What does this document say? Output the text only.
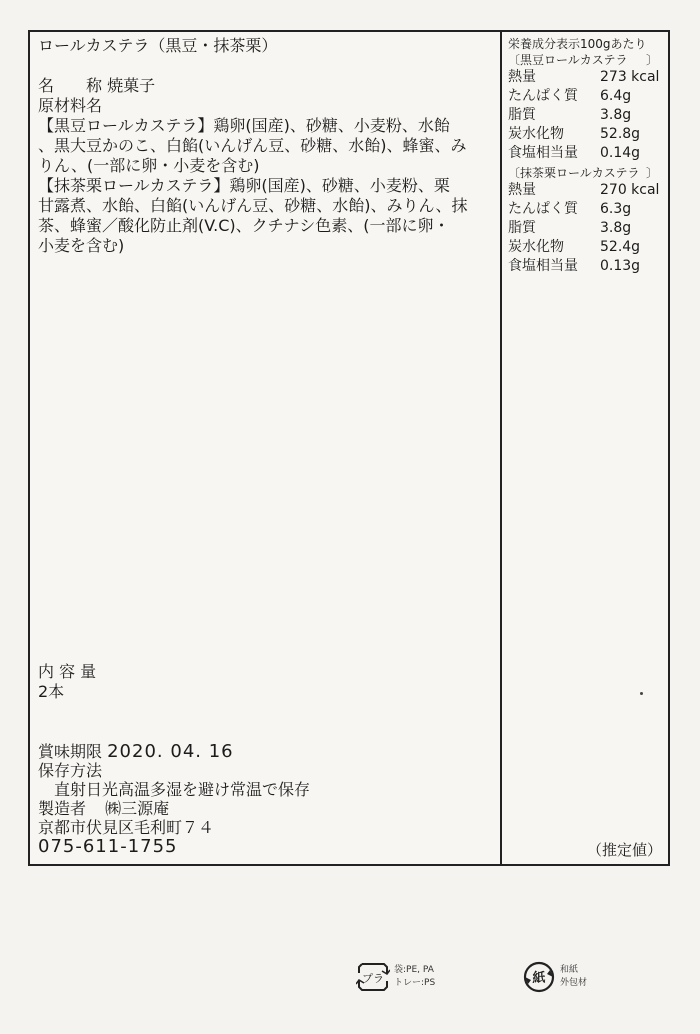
ロールカステラ（黒豆・抹茶栗）
名　　称 焼菓子
原材料名
【黒豆ロールカステラ】鶏卵(国産)、砂糖、小麦粉、水飴
、黒大豆かのこ、白餡(いんげん豆、砂糖、水飴)、蜂蜜、み
りん、(一部に卵・小麦を含む)
【抹茶栗ロールカステラ】鶏卵(国産)、砂糖、小麦粉、栗
甘露煮、水飴、白餡(いんげん豆、砂糖、水飴)、みりん、抹
茶、蜂蜜／酸化防止剤(V.C)、クチナシ色素、(一部に卵・
小麦を含む)
内 容 量
2本
賞味期限 2020. 04. 16
保存方法
直射日光高温多湿を避け常温で保存
製造者 ㈱三源庵
京都市伏見区毛利町７４
075-611-1755
栄養成分表示100gあたり
〔黒豆ロールカステラ 〕
熱量	273 kcal
たんぱく質	6.4g
脂質	3.8g
炭水化物	52.8g
食塩相当量	0.14g
〔抹茶栗ロールカステラ 〕
熱量	270 kcal
たんぱく質	6.3g
脂質	3.8g
炭水化物	52.4g
食塩相当量	0.13g
（推定値）
プラ
袋:PE, PA
トレー:PS	紙
和紙
外包材
